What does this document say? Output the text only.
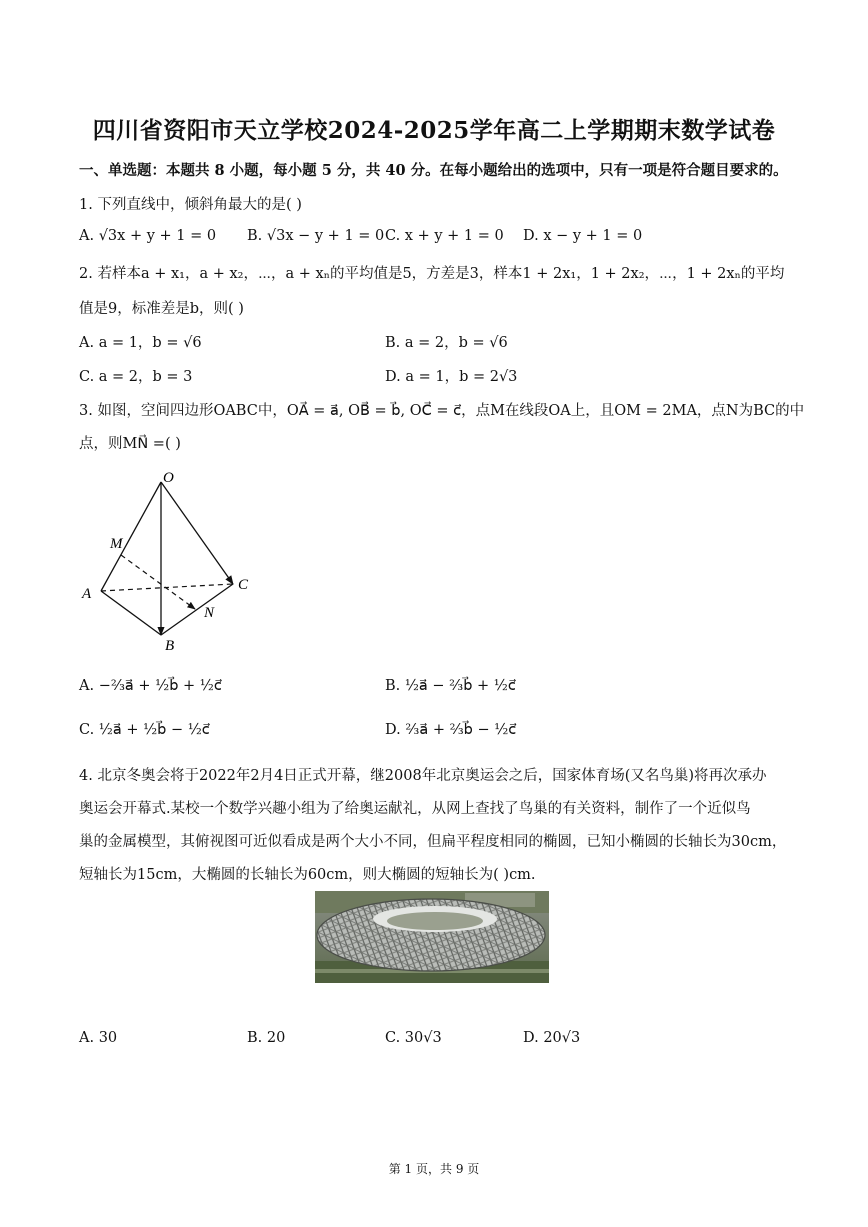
四川省资阳市天立学校2024-2025学年高二上学期期末数学试卷
一、单选题：本题共 8 小题，每小题 5 分，共 40 分。在每小题给出的选项中，只有一项是符合题目要求的。
1. 下列直线中，倾斜角最大的是( )
A. √3x + y + 1 = 0 B. √3x − y + 1 = 0 C. x + y + 1 = 0 D. x − y + 1 = 0
2. 若样本a + x₁，a + x₂，⋯，a + xₙ的平均值是5，方差是3，样本1 + 2x₁，1 + 2x₂，⋯，1 + 2xₙ的平均
值是9，标准差是b，则( )
A. a = 1，b = √6	B. a = 2，b = √6
C. a = 2，b = 3	D. a = 1，b = 2√3
3. 如图，空间四边形OABC中，OA⃗ = a⃗, OB⃗ = b⃗, OC⃗ = c⃗，点M在线段OA上，且OM = 2MA，点N为BC的中
点，则MN⃗ =( )
O
M
A
C
N
B
A. −²⁄₃a⃗ + ½b⃗ + ½c⃗	B. ½a⃗ − ²⁄₃b⃗ + ½c⃗
C. ½a⃗ + ½b⃗ − ½c⃗	D. ²⁄₃a⃗ + ²⁄₃b⃗ − ½c⃗
4. 北京冬奥会将于2022年2月4日正式开幕，继2008年北京奥运会之后，国家体育场(又名鸟巢)将再次承办
奥运会开幕式.某校一个数学兴趣小组为了给奥运献礼，从网上查找了鸟巢的有关资料，制作了一个近似鸟
巢的金属模型，其俯视图可近似看成是两个大小不同，但扁平程度相同的椭圆，已知小椭圆的长轴长为30cm，
短轴长为15cm，大椭圆的长轴长为60cm，则大椭圆的短轴长为( )cm.
A. 30	B. 20	C. 30√3	D. 20√3
第 1 页，共 9 页
